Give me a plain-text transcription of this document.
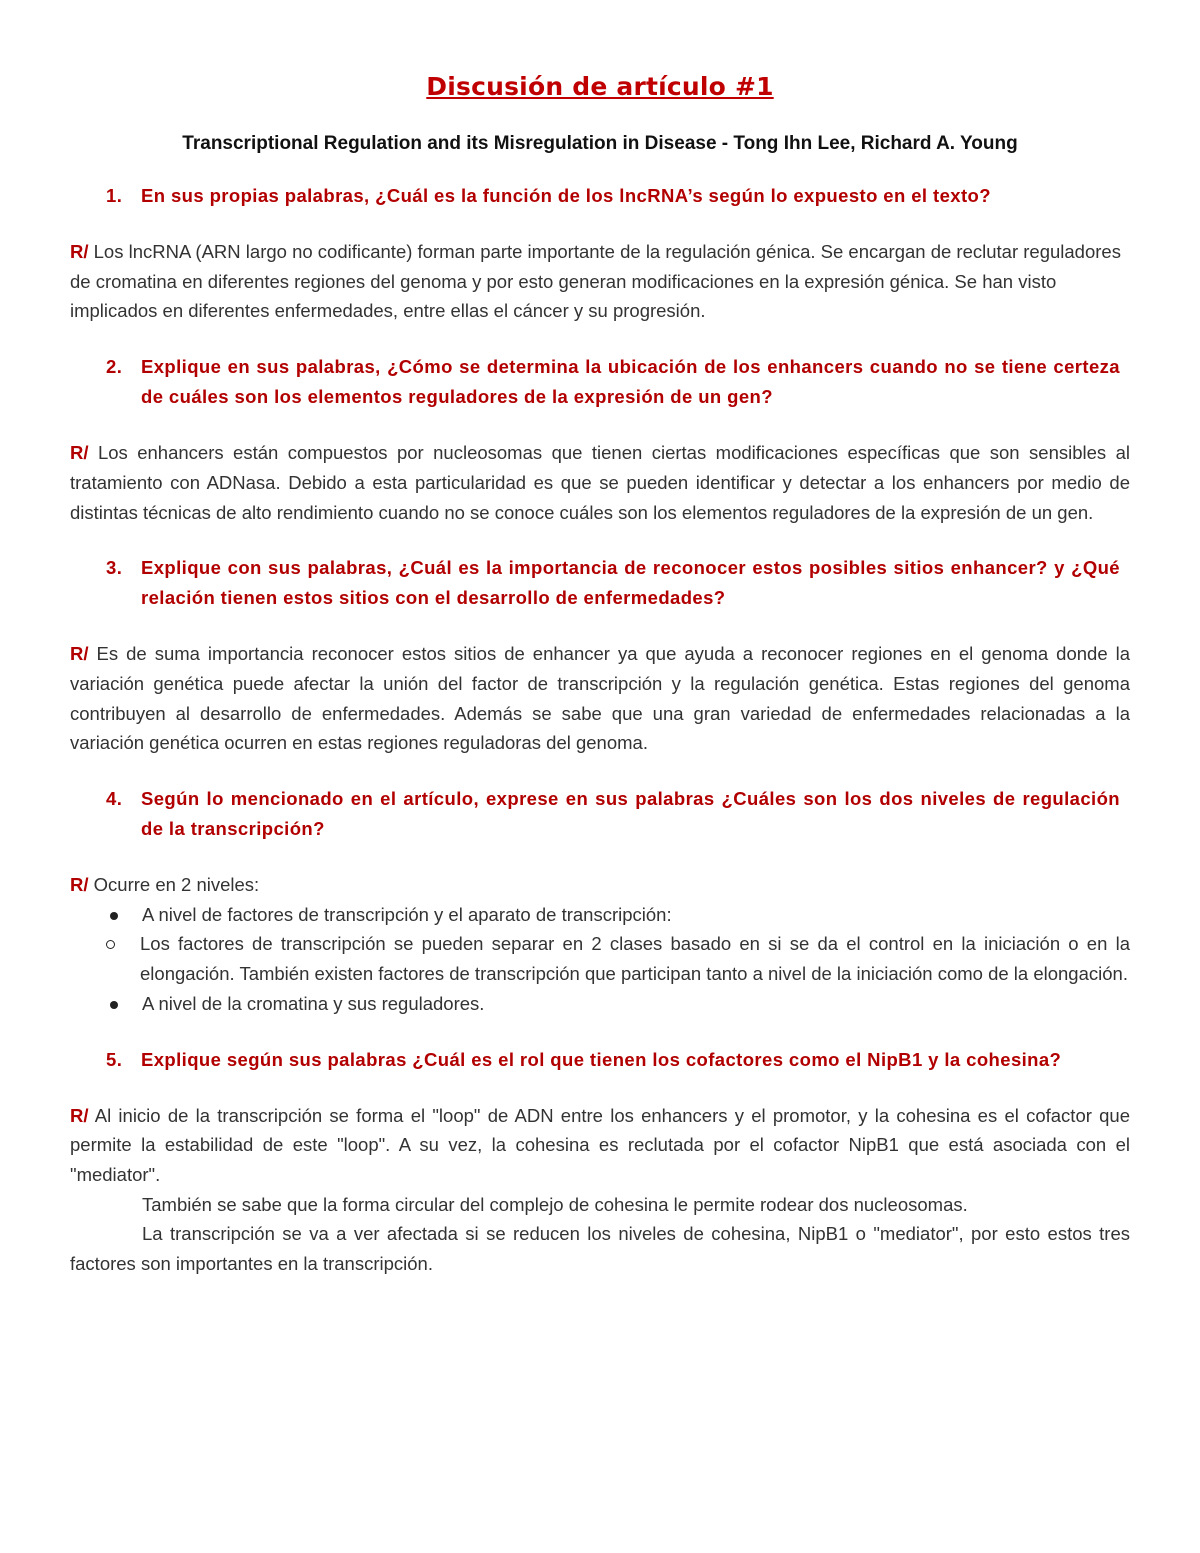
Discusión de artículo #1
Transcriptional Regulation and its Misregulation in Disease - Tong Ihn Lee, Richard A. Young
1.	En sus propias palabras, ¿Cuál es la función de los lncRNA’s según lo expuesto en el texto?
R/ Los lncRNA (ARN largo no codificante) forman parte importante de la regulación génica. Se encargan de reclutar reguladores de cromatina en diferentes regiones del genoma y por esto generan modificaciones en la expresión génica. Se han visto implicados en diferentes enfermedades, entre ellas el cáncer y su progresión.
2.	Explique en sus palabras, ¿Cómo se determina la ubicación de los enhancers cuando no se tiene certeza de cuáles son los elementos reguladores de la expresión de un gen?
R/ Los enhancers están compuestos por nucleosomas que tienen ciertas modificaciones específicas que son sensibles al tratamiento con ADNasa. Debido a esta particularidad es que se pueden identificar y detectar a los enhancers por medio de distintas técnicas de alto rendimiento cuando no se conoce cuáles son los elementos reguladores de la expresión de un gen.
3.	Explique con sus palabras, ¿Cuál es la importancia de reconocer estos posibles sitios enhancer? y ¿Qué relación tienen estos sitios con el desarrollo de enfermedades?
R/ Es de suma importancia reconocer estos sitios de enhancer ya que ayuda a reconocer regiones en el genoma donde la variación genética puede afectar la unión del factor de transcripción y la regulación genética. Estas regiones del genoma contribuyen al desarrollo de enfermedades. Además se sabe que una gran variedad de enfermedades relacionadas a la variación genética ocurren en estas regiones reguladoras del genoma.
4.	Según lo mencionado en el artículo, exprese en sus palabras ¿Cuáles son los dos niveles de regulación de la transcripción?
R/ Ocurre en 2 niveles:
A nivel de factores de transcripción y el aparato de transcripción:
Los factores de transcripción se pueden separar en 2 clases basado en si se da el control en la iniciación o en la elongación. También existen factores de transcripción que participan tanto a nivel de la iniciación como de la elongación.
A nivel de la cromatina y sus reguladores.
5.	Explique según sus palabras ¿Cuál es el rol que tienen los cofactores como el NipB1 y la cohesina?
R/ Al inicio de la transcripción se forma el "loop" de ADN entre los enhancers y el promotor, y la cohesina es el cofactor que permite la estabilidad de este "loop". A su vez, la cohesina es reclutada por el cofactor NipB1 que está asociada con el "mediator".
También se sabe que la forma circular del complejo de cohesina le permite rodear dos nucleosomas.
La transcripción se va a ver afectada si se reducen los niveles de cohesina, NipB1 o "mediator", por esto estos tres factores son importantes en la transcripción.
